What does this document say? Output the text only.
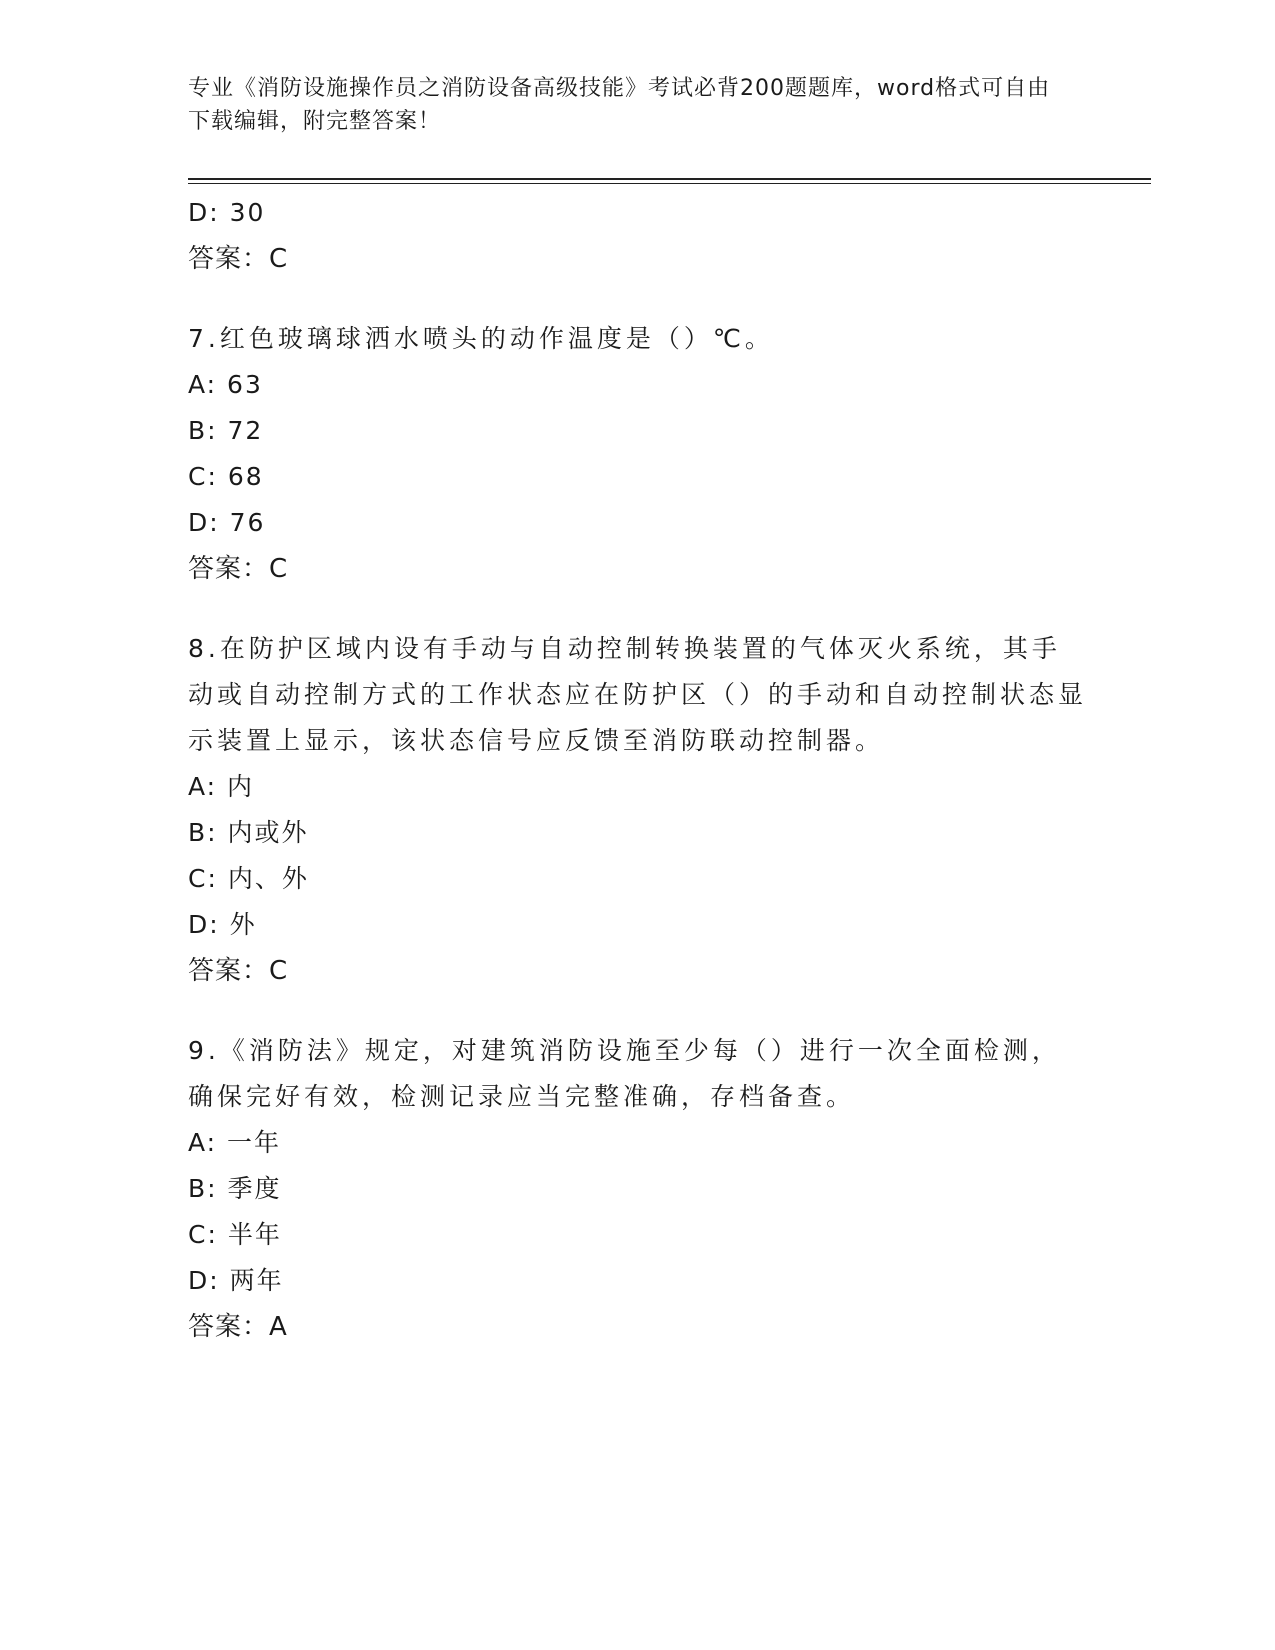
专业《消防设施操作员之消防设备高级技能》考试必背200题题库，word格式可自由下载编辑，附完整答案！
D: 30
答案：C
7.红色玻璃球洒水喷头的动作温度是（）℃。
A: 63
B: 72
C: 68
D: 76
答案：C
8.在防护区域内设有手动与自动控制转换装置的气体灭火系统，其手动或自动控制方式的工作状态应在防护区（）的手动和自动控制状态显示装置上显示，该状态信号应反馈至消防联动控制器。
A: 内
B: 内或外
C: 内、外
D: 外
答案：C
9.《消防法》规定，对建筑消防设施至少每（）进行一次全面检测，确保完好有效，检测记录应当完整准确，存档备查。
A: 一年
B: 季度
C: 半年
D: 两年
答案：A
